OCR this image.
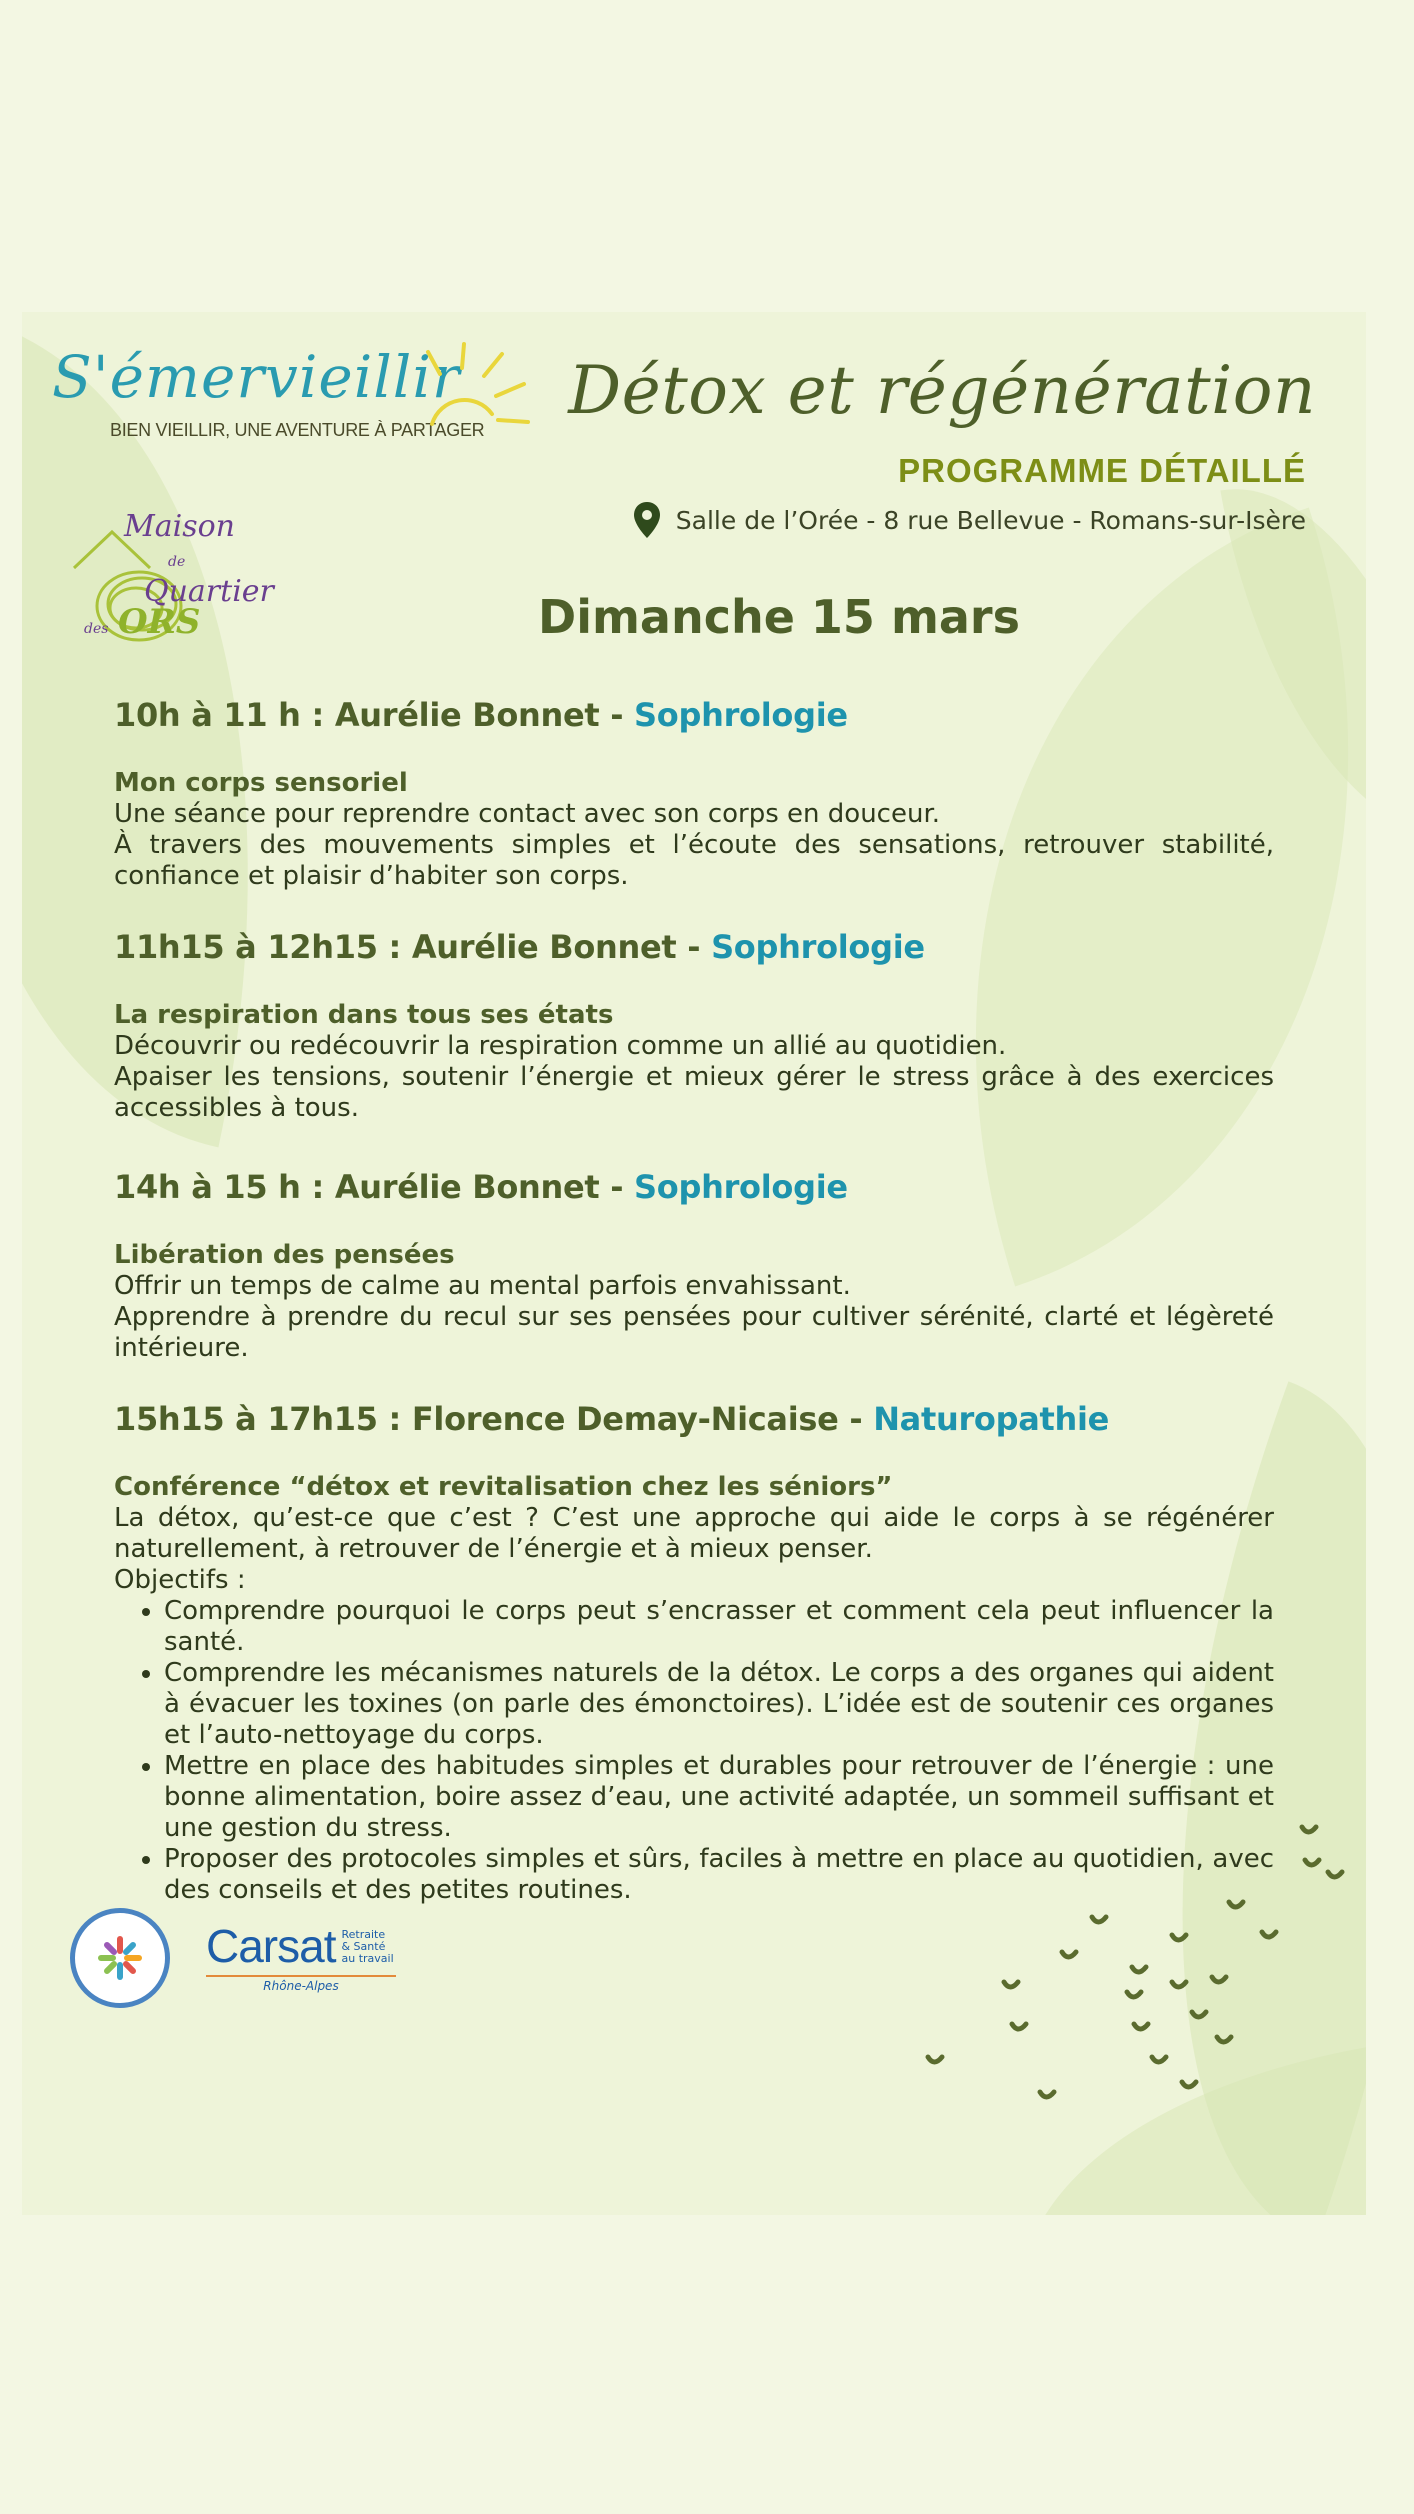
S'émervieillir
BIEN VIEILLIR, UNE AVENTURE À PARTAGER
Maison
de
Quartier
des ORS
Détox et régénération
PROGRAMME DÉTAILLÉ
Salle de l’Orée - 8 rue Bellevue - Romans-sur-Isère
Dimanche 15 mars
10h à 11 h : Aurélie Bonnet - Sophrologie
Mon corps sensoriel

Une séance pour reprendre contact avec son corps en douceur.

À travers des mouvements simples et l’écoute des sensations, retrouver stabilité, confiance et plaisir d’habiter son corps.

11h15 à 12h15 : Aurélie Bonnet - Sophrologie
La respiration dans tous ses états

Découvrir ou redécouvrir la respiration comme un allié au quotidien.

Apaiser les tensions, soutenir l’énergie et mieux gérer le stress grâce à des exercices accessibles à tous.

14h à 15 h : Aurélie Bonnet - Sophrologie
Libération des pensées

Offrir un temps de calme au mental parfois envahissant.

Apprendre à prendre du recul sur ses pensées pour cultiver sérénité, clarté et légèreté intérieure.

15h15 à 17h15 : Florence Demay-Nicaise - Naturopathie
Conférence “détox et revitalisation chez les séniors”

La détox, qu’est-ce que c’est ? C’est une approche qui aide le corps à se régénérer naturellement, à retrouver de l’énergie et à mieux penser.

Objectifs :

• Comprendre pourquoi le corps peut s’encrasser et comment cela peut influencer la santé.
• Comprendre les mécanismes naturels de la détox. Le corps a des organes qui aident à évacuer les toxines (on parle des émonctoires). L’idée est de soutenir ces organes et l’auto-nettoyage du corps.
• Mettre en place des habitudes simples et durables pour retrouver de l’énergie : une bonne alimentation, boire assez d’eau, une activité adaptée, un sommeil suffisant et une gestion du stress.
• Proposer des protocoles simples et sûrs, faciles à mettre en place au quotidien, avec des conseils et des petites routines.
Carsat Retraite
& Santé
au travail
Rhône-Alpes
